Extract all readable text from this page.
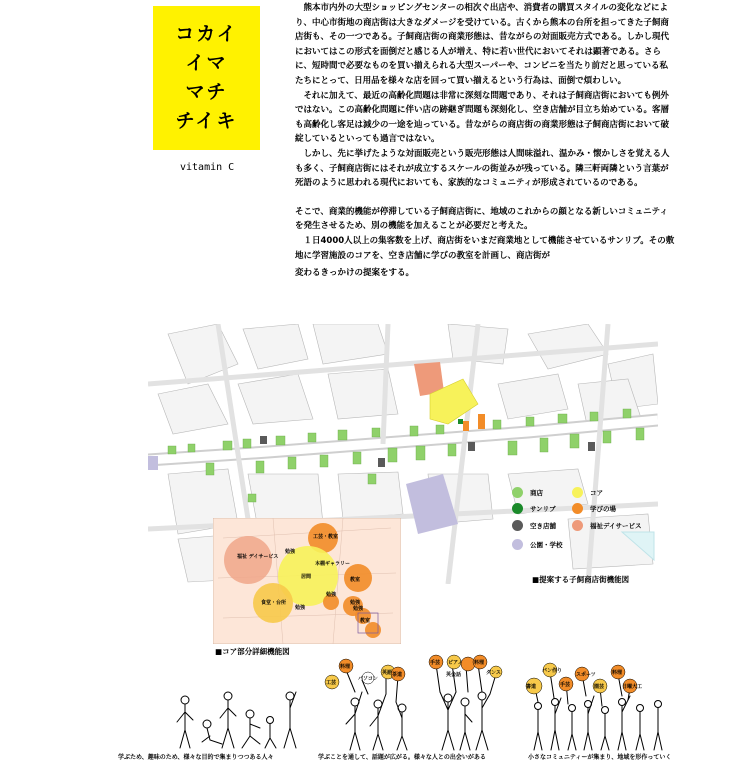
コカイ
イマ
マチ
チイキ
vitamin C

熊本市内外の大型ショッピングセンターの相次ぐ出店や、消費者の購買スタイルの変化などにより、中心市街地の商店街は大きなダメージを受けている。古くから熊本の台所を担ってきた子飼商店街も、その一つである。子飼商店街の商業形態は、昔ながらの対面販売方式である。しかし現代においてはこの形式を面倒だと感じる人が増え、特に若い世代においてそれは顕著である。さらに、短時間で必要なものを買い揃えられる大型スーパーや、コンビニを当たり前だと思っている私たちにとって、日用品を様々な店を回って買い揃えるという行為は、面倒で煩わしい。

それに加えて、最近の高齢化問題は非常に深刻な問題であり、それは子飼商店街においても例外ではない。この高齢化問題に伴い店の跡継ぎ問題も深刻化し、空き店舗が目立ち始めている。客層も高齢化し客足は減少の一途を辿っている。昔ながらの商店街の商業形態は子飼商店街において破綻しているといっても過言ではない。

しかし、先に挙げたような対面販売という販売形態は人間味溢れ、温かみ・懐かしさを覚える人も多く、子飼商店街にはそれが成立するスケールの街並みが残っている。隣三軒両隣という言葉が死語のように思われる現代においても、家族的なコミュニティが形成されているのである。

そこで、商業的機能が停滞している子飼商店街に、地域のこれからの顔となる新しいコミュニティを発生させるため、別の機能を加えることが必要だと考えた。

１日4000人以上の集客数を上げ、商店街をいまだ商業地として機能させているサンリブ。その敷地に学習施設のコアを、空き店舗に学びの教室を計画し、商店街が

変わるきっかけの提案をする。

商店	コア
サンリブ	学びの場
空き店舗	福祉デイサービス
公園・学校
■提案する子飼商店街機能図
福祉 デイサービス
勉強
工芸・教室
本棚ギャラリー
居間	教室
食堂・台所
勉強
勉強
勉強
勉強
教室
■コア部分詳細機能図
料理
パソコン
工芸
英語 茶道
ピアノ
手芸
英会話
料理
ダンス	パン作り
スポーツ
書道	手芸	園芸
料理
日曜大工
学ぶため、趣味のため、様々な目的で集まりつつある人々	学ぶことを通して、話題が広がる。様々な人との出会いがある	小さなコミュニティーが集まり、地域を形作っていく
